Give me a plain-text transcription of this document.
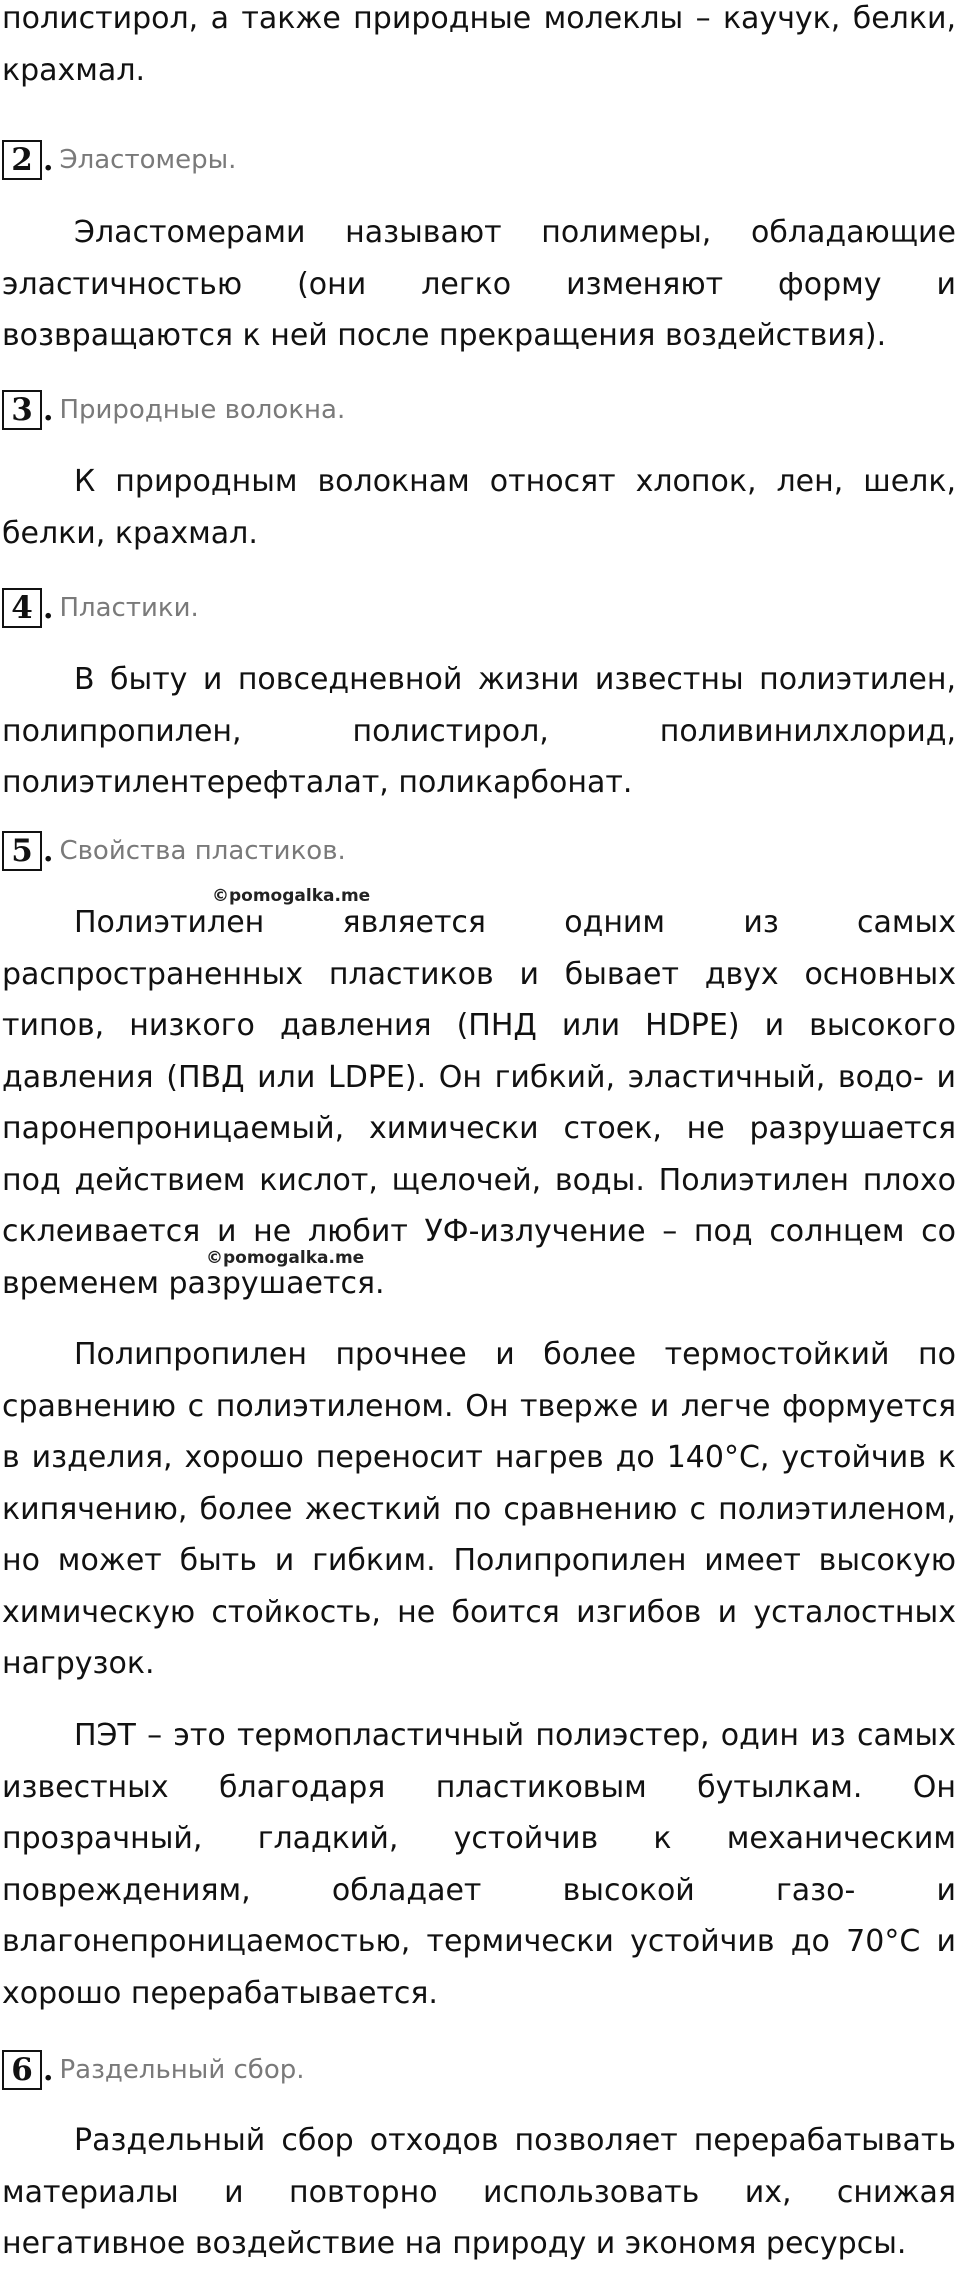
полистирол, а также природные молеклы – каучук, белки, крахмал.

2 . Эластомеры.

Эластомерами называют полимеры, обладающие эластичностью (они легко изменяют форму и возвращаются к ней после прекращения воздействия).

3 . Природные волокна.

К природным волокнам относят хлопок, лен, шелк, белки, крахмал.

4 . Пластики.

В быту и повседневной жизни известны полиэтилен, полипропилен, полистирол, поливинилхлорид, полиэтилентерефталат, поликарбонат.

5 . Свойства пластиков.
©pomogalka.me

Полиэтилен является одним из самых распространенных пластиков и бывает двух основных типов, низкого давления (ПНД или HDPE) и высокого давления (ПВД или LDPE). Он гибкий, эластичный, водо- и паронепроницаемый, химически стоек, не разрушается под действием кислот, щелочей, воды. Полиэтилен плохо склеивается и не любит УФ-излучение – под солнцем со временем разрушается.

©pomogalka.me

Полипропилен прочнее и более термостойкий по сравнению с полиэтиленом. Он тверже и легче формуется в изделия, хорошо переносит нагрев до 140°С, устойчив к кипячению, более жесткий по сравнению с полиэтиленом, но может быть и гибким. Полипропилен имеет высокую химическую стойкость, не боится изгибов и усталостных нагрузок.

ПЭТ – это термопластичный полиэстер, один из самых известных благодаря пластиковым бутылкам. Он прозрачный, гладкий, устойчив к механическим повреждениям, обладает высокой газо- и влагонепроницаемостью, термически устойчив до 70°С и хорошо перерабатывается.

6 . Раздельный сбор.

Раздельный сбор отходов позволяет перерабатывать материалы и повторно использовать их, снижая негативное воздействие на природу и экономя ресурсы.
